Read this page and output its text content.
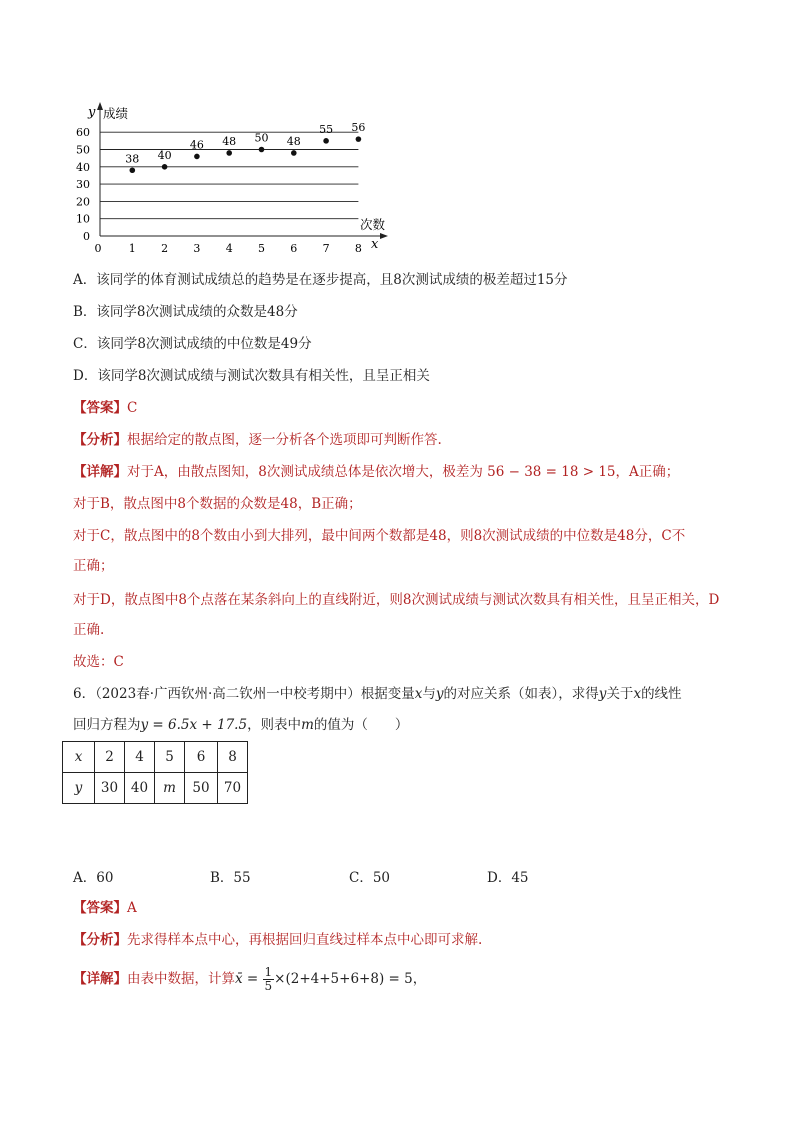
y 成绩
次数
x
0
10
20
30
40
50
60
0 1 2 3 4 5 6 7 8
38 40
46 48 50 48
55 56
A．该同学的体育测试成绩总的趋势是在逐步提高，且8次测试成绩的极差超过15分
B．该同学8次测试成绩的众数是48分
C．该同学8次测试成绩的中位数是49分
D．该同学8次测试成绩与测试次数具有相关性，且呈正相关
【答案】C
【分析】根据给定的散点图，逐一分析各个选项即可判断作答.
【详解】对于A，由散点图知，8次测试成绩总体是依次增大，极差为 56 − 38 = 18 > 15，A正确；
对于B，散点图中8个数据的众数是48，B正确；
对于C，散点图中的8个数由小到大排列，最中间两个数都是48，则8次测试成绩的中位数是48分，C不
正确；
对于D，散点图中8个点落在某条斜向上的直线附近，则8次测试成绩与测试次数具有相关性，且呈正相关，D
正确.
故选：C
6．（2023春·广西钦州·高二钦州一中校考期中）根据变量x与y的对应关系（如表），求得y关于x的线性
回归方程为y = 6.5x + 17.5，则表中m的值为（　　）
x	2	4	5	6	8
y	30	40	m	50	70
A．60	B．55	C．50	D．45
【答案】A
【分析】先求得样本点中心，再根据回归直线过样本点中心即可求解.
【详解】由表中数据，计算x̄ = $\frac{1}{5} \times(2+4+5+6+8) = 5$，
